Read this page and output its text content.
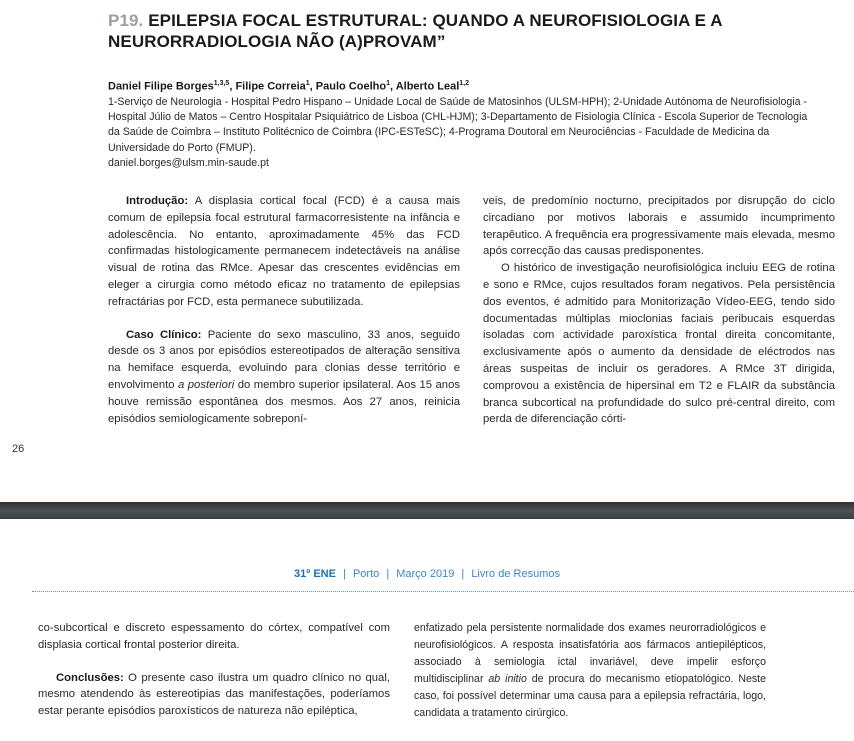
P19. EPILEPSIA FOCAL ESTRUTURAL: QUANDO A NEUROFISIOLOGIA E A NEURORRADIOLOGIA NÃO (A)PROVAM”
Daniel Filipe Borges$^{1,3,5}$, Filipe Correia$^1$, Paulo Coelho$^1$, Alberto Leal$^{1,2}$
1-Serviço de Neurologia - Hospital Pedro Hispano – Unidade Local de Saúde de Matosinhos (ULSM-HPH); 2-Unidade Autónoma de Neurofisiologia - Hospital Júlio de Matos – Centro Hospitalar Psiquiátrico de Lisboa (CHL-HJM); 3-Departamento de Fisiologia Clínica - Escola Superior de Tecnologia da Saúde de Coimbra – Instituto Politécnico de Coimbra (IPC-ESTeSC); 4-Programa Doutoral em Neurociências - Faculdade de Medicina da Universidade do Porto (FMUP).
daniel.borges@ulsm.min-saude.pt

Introdução: A displasia cortical focal (FCD) é a causa mais comum de epilepsia focal estrutural farmacorresistente na infância e adolescência. No entanto, aproximadamente 45% das FCD confirmadas histologicamente permanecem indetectáveis na análise visual de rotina das RMce. Apesar das crescentes evidências em eleger a cirurgia como método eficaz no tratamento de epilepsias refractárias por FCD, esta permanece subutilizada.

Caso Clínico: Paciente do sexo masculino, 33 anos, seguido desde os 3 anos por episódios estereotipados de alteração sensitiva na hemiface esquerda, evoluindo para clonias desse território e envolvimento a posteriori do membro superior ipsilateral. Aos 15 anos houve remissão espontânea dos mesmos. Aos 27 anos, reinicia episódios semiologicamente sobreponí-

veis, de predomínio nocturno, precipitados por disrupção do ciclo circadiano por motivos laborais e assumido incumprimento terapêutico. A frequência era progressivamente mais elevada, mesmo após correcção das causas predisponentes.

O histórico de investigação neurofisiológica incluiu EEG de rotina e sono e RMce, cujos resultados foram negativos. Pela persistência dos eventos, é admitido para Monitorização Vídeo-EEG, tendo sido documentadas múltiplas mioclonias faciais peribucais esquerdas isoladas com actividade paroxística frontal direita concomitante, exclusivamente após o aumento da densidade de eléctrodos nas áreas suspeitas de incluir os geradores. A RMce 3T dirigida, comprovou a existência de hipersinal em T2 e FLAIR da substância branca subcortical na profundidade do sulco pré-central direito, com perda de diferenciação córti-

26
31º ENE | Porto | Março 2019 | Livro de Resumos

co-subcortical e discreto espessamento do córtex, compatível com displasia cortical frontal posterior direita.

Conclusões: O presente caso ilustra um quadro clínico no qual, mesmo atendendo às estereotipias das manifestações, poderíamos estar perante episódios paroxísticos de natureza não epiléptica,

enfatizado pela persistente normalidade dos exames neurorradiológicos e neurofisiológicos. A resposta insatisfatória aos fármacos antiepilépticos, associado à semiologia ictal invariável, deve impelir esforço multidisciplinar ab initio de procura do mecanismo etiopatológico. Neste caso, foi possível determinar uma causa para a epilepsia refractária, logo, candidata a tratamento cirúrgico.
